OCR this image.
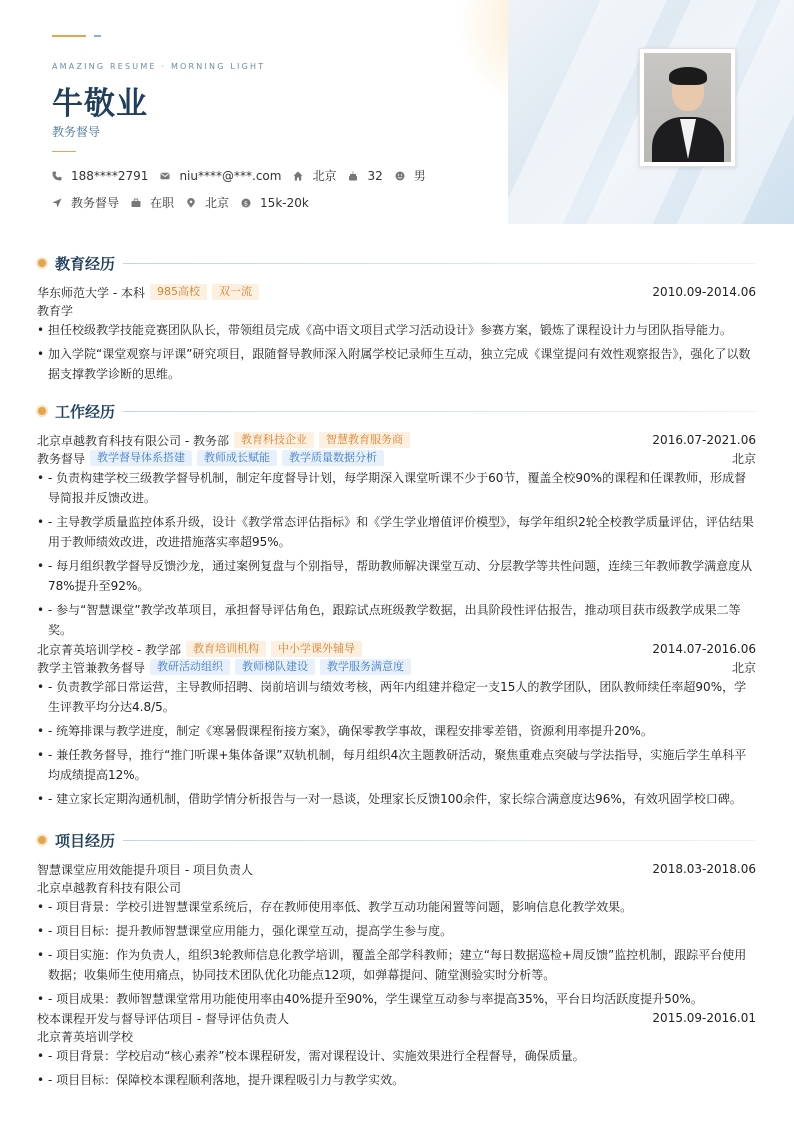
AMAZING RESUME · MORNING LIGHT
牛敬业
教务督导
188****2791	niu****@***.com	北京	32	男
教务督导	在职	北京 $ 15k-20k
教育经历
华东师范大学 - 本科	985高校	双一流	2010.09-2014.06
教育学
• 担任校级教学技能竞赛团队队长，带领组员完成《高中语文项目式学习活动设计》参赛方案，锻炼了课程设计力与团队指导能力。
• 加入学院“课堂观察与评课”研究项目，跟随督导教师深入附属学校记录师生互动，独立完成《课堂提问有效性观察报告》，强化了以数据支撑教学诊断的思维。
工作经历
北京卓越教育科技有限公司 - 教务部	教育科技企业	智慧教育服务商	2016.07-2021.06
教务督导	教学督导体系搭建	教师成长赋能	教学质量数据分析	北京
• - 负责构建学校三级教学督导机制，制定年度督导计划，每学期深入课堂听课不少于60节，覆盖全校90%的课程和任课教师，形成督导简报并反馈改进。
• - 主导教学质量监控体系升级，设计《教学常态评估指标》和《学生学业增值评价模型》，每学年组织2轮全校教学质量评估，评估结果用于教师绩效改进，改进措施落实率超95%。
• - 每月组织教学督导反馈沙龙，通过案例复盘与个别指导，帮助教师解决课堂互动、分层教学等共性问题，连续三年教师教学满意度从78%提升至92%。
• - 参与“智慧课堂”教学改革项目，承担督导评估角色，跟踪试点班级教学数据，出具阶段性评估报告，推动项目获市级教学成果二等奖。
北京菁英培训学校 - 教学部	教育培训机构	中小学课外辅导	2014.07-2016.06
教学主管兼教务督导	教研活动组织	教师梯队建设	教学服务满意度	北京
• - 负责教学部日常运营，主导教师招聘、岗前培训与绩效考核，两年内组建并稳定一支15人的教学团队，团队教师续任率超90%，学生评教平均分达4.8/5。
• - 统筹排课与教学进度，制定《寒暑假课程衔接方案》，确保零教学事故，课程安排零差错，资源利用率提升20%。
• - 兼任教务督导，推行“推门听课+集体备课”双轨机制，每月组织4次主题教研活动，聚焦重难点突破与学法指导，实施后学生单科平均成绩提高12%。
• - 建立家长定期沟通机制，借助学情分析报告与一对一恳谈，处理家长反馈100余件，家长综合满意度达96%，有效巩固学校口碑。
项目经历
智慧课堂应用效能提升项目 - 项目负责人	2018.03-2018.06
北京卓越教育科技有限公司
• - 项目背景：学校引进智慧课堂系统后，存在教师使用率低、教学互动功能闲置等问题，影响信息化教学效果。
• - 项目目标：提升教师智慧课堂应用能力，强化课堂互动，提高学生参与度。
• - 项目实施：作为负责人，组织3轮教师信息化教学培训，覆盖全部学科教师；建立“每日数据巡检+周反馈”监控机制，跟踪平台使用数据；收集师生使用痛点，协同技术团队优化功能点12项，如弹幕提问、随堂测验实时分析等。
• - 项目成果：教师智慧课堂常用功能使用率由40%提升至90%，学生课堂互动参与率提高35%，平台日均活跃度提升50%。
校本课程开发与督导评估项目 - 督导评估负责人	2015.09-2016.01
北京菁英培训学校
• - 项目背景：学校启动“核心素养”校本课程研发，需对课程设计、实施效果进行全程督导，确保质量。
• - 项目目标：保障校本课程顺利落地，提升课程吸引力与教学实效。
